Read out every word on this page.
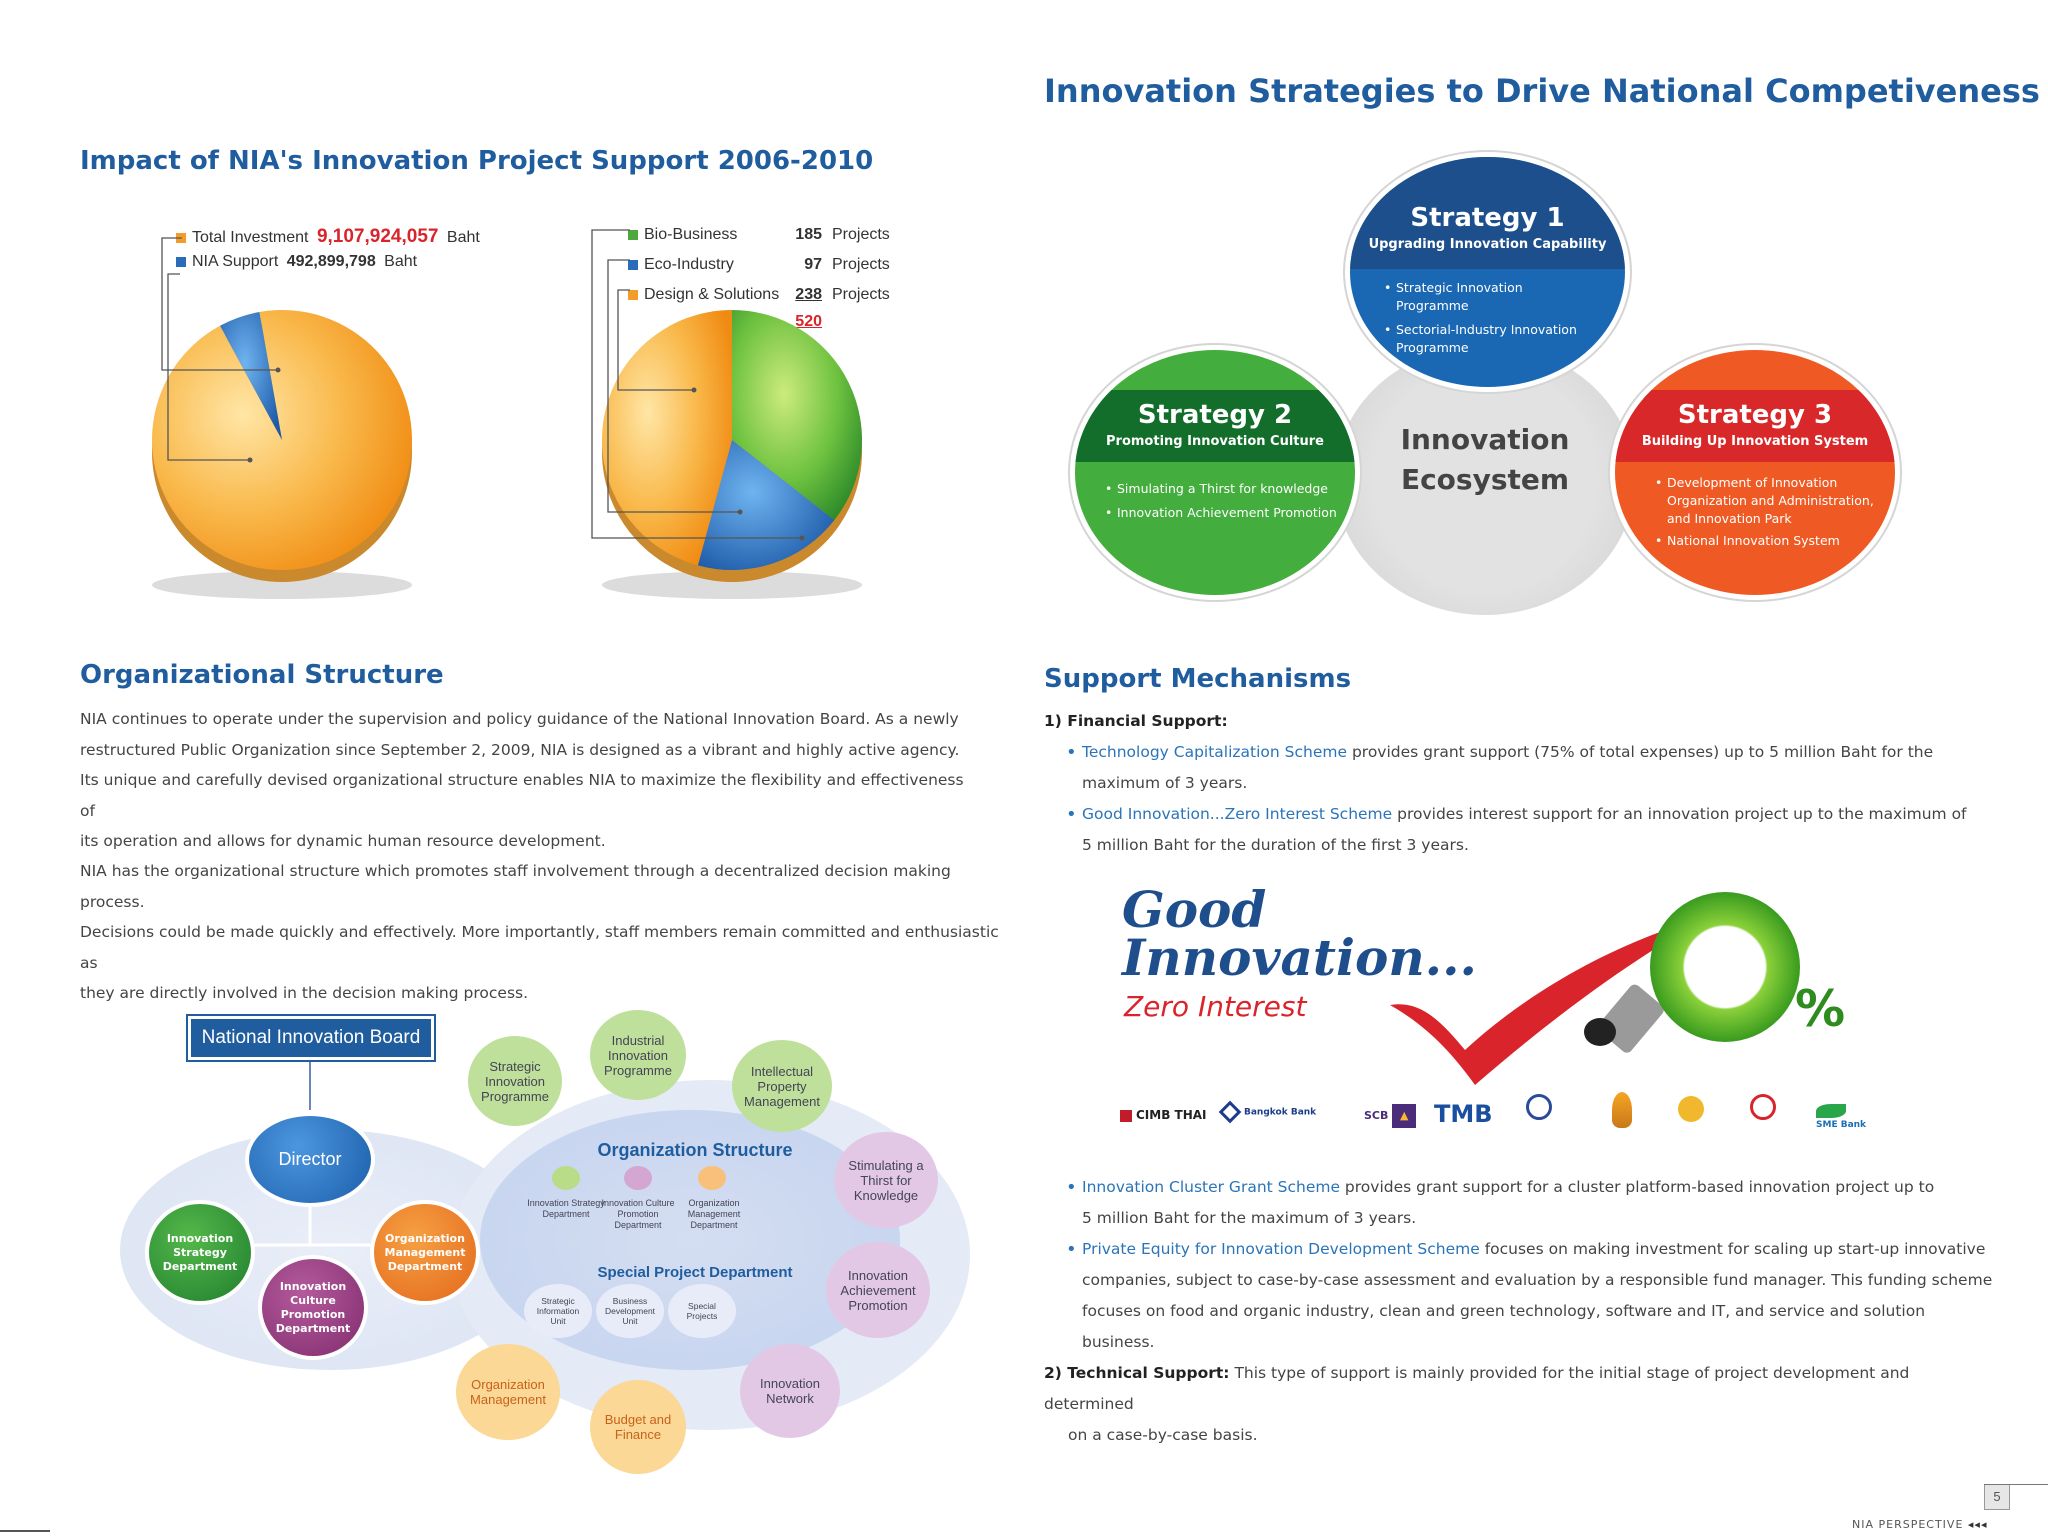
Impact of NIA's Innovation Project Support 2006-2010
Total Investment 9,107,924,057 Baht
NIA Support 492,899,798 Baht
Bio-Business	185 Projects
Eco-Industry	97 Projects
Design & Solutions	238 Projects
520
Organizational Structure
NIA continues to operate under the supervision and policy guidance of the National Innovation Board. As a newly
restructured Public Organization since September 2, 2009, NIA is designed as a vibrant and highly active agency.
Its unique and carefully devised organizational structure enables NIA to maximize the flexibility and effectiveness of
its operation and allows for dynamic human resource development.
NIA has the organizational structure which promotes staff involvement through a decentralized decision making process.
Decisions could be made quickly and effectively. More importantly, staff members remain committed and enthusiastic as
they are directly involved in the decision making process.
National Innovation Board
Director
Innovation Strategy Department
Organization Management Department
Innovation Culture Promotion Department
Organization Structure
Innovation Strategy Department
Innovation Culture Promotion Department
Organization Management Department
Special Project Department
Strategic Information Unit
Business Development Unit
Special Projects
Strategic Innovation Programme
Industrial Innovation Programme	Intellectual Property Management
Stimulating a Thirst for Knowledge
Innovation Achievement Promotion
Innovation Network
Budget and Finance
Organization Management
Innovation Strategies to Drive National Competiveness
Innovation
Ecosystem
Strategy 1
Upgrading Innovation Capability
• Strategic Innovation Programme
• Sectorial-Industry Innovation Programme
Strategy 2
Promoting Innovation Culture
• Simulating a Thirst for knowledge
• Innovation Achievement Promotion
Strategy 3
Building Up Innovation System
• Development of Innovation Organization and Administration, and Innovation Park
• National Innovation System
Support Mechanisms
1) Financial Support:
• Technology Capitalization Scheme provides grant support (75% of total expenses) up to 5 million Baht for the
maximum of 3 years.
• Good Innovation...Zero Interest Scheme provides interest support for an innovation project up to the maximum of
5 million Baht for the duration of the first 3 years.
Good
Innovation...
Zero Interest	%
CIMB THAI	Bangkok Bank	SCB ▲	TMB	SME Bank
• Innovation Cluster Grant Scheme provides grant support for a cluster platform-based innovation project up to
5 million Baht for the maximum of 3 years.
• Private Equity for Innovation Development Scheme focuses on making investment for scaling up start-up innovative
companies, subject to case-by-case assessment and evaluation by a responsible fund manager. This funding scheme
focuses on food and organic industry, clean and green technology, software and IT, and service and solution business.
2) Technical Support: This type of support is mainly provided for the initial stage of project development and determined
on a case-by-case basis.
5
NIA PERSPECTIVE ◂◂◂
